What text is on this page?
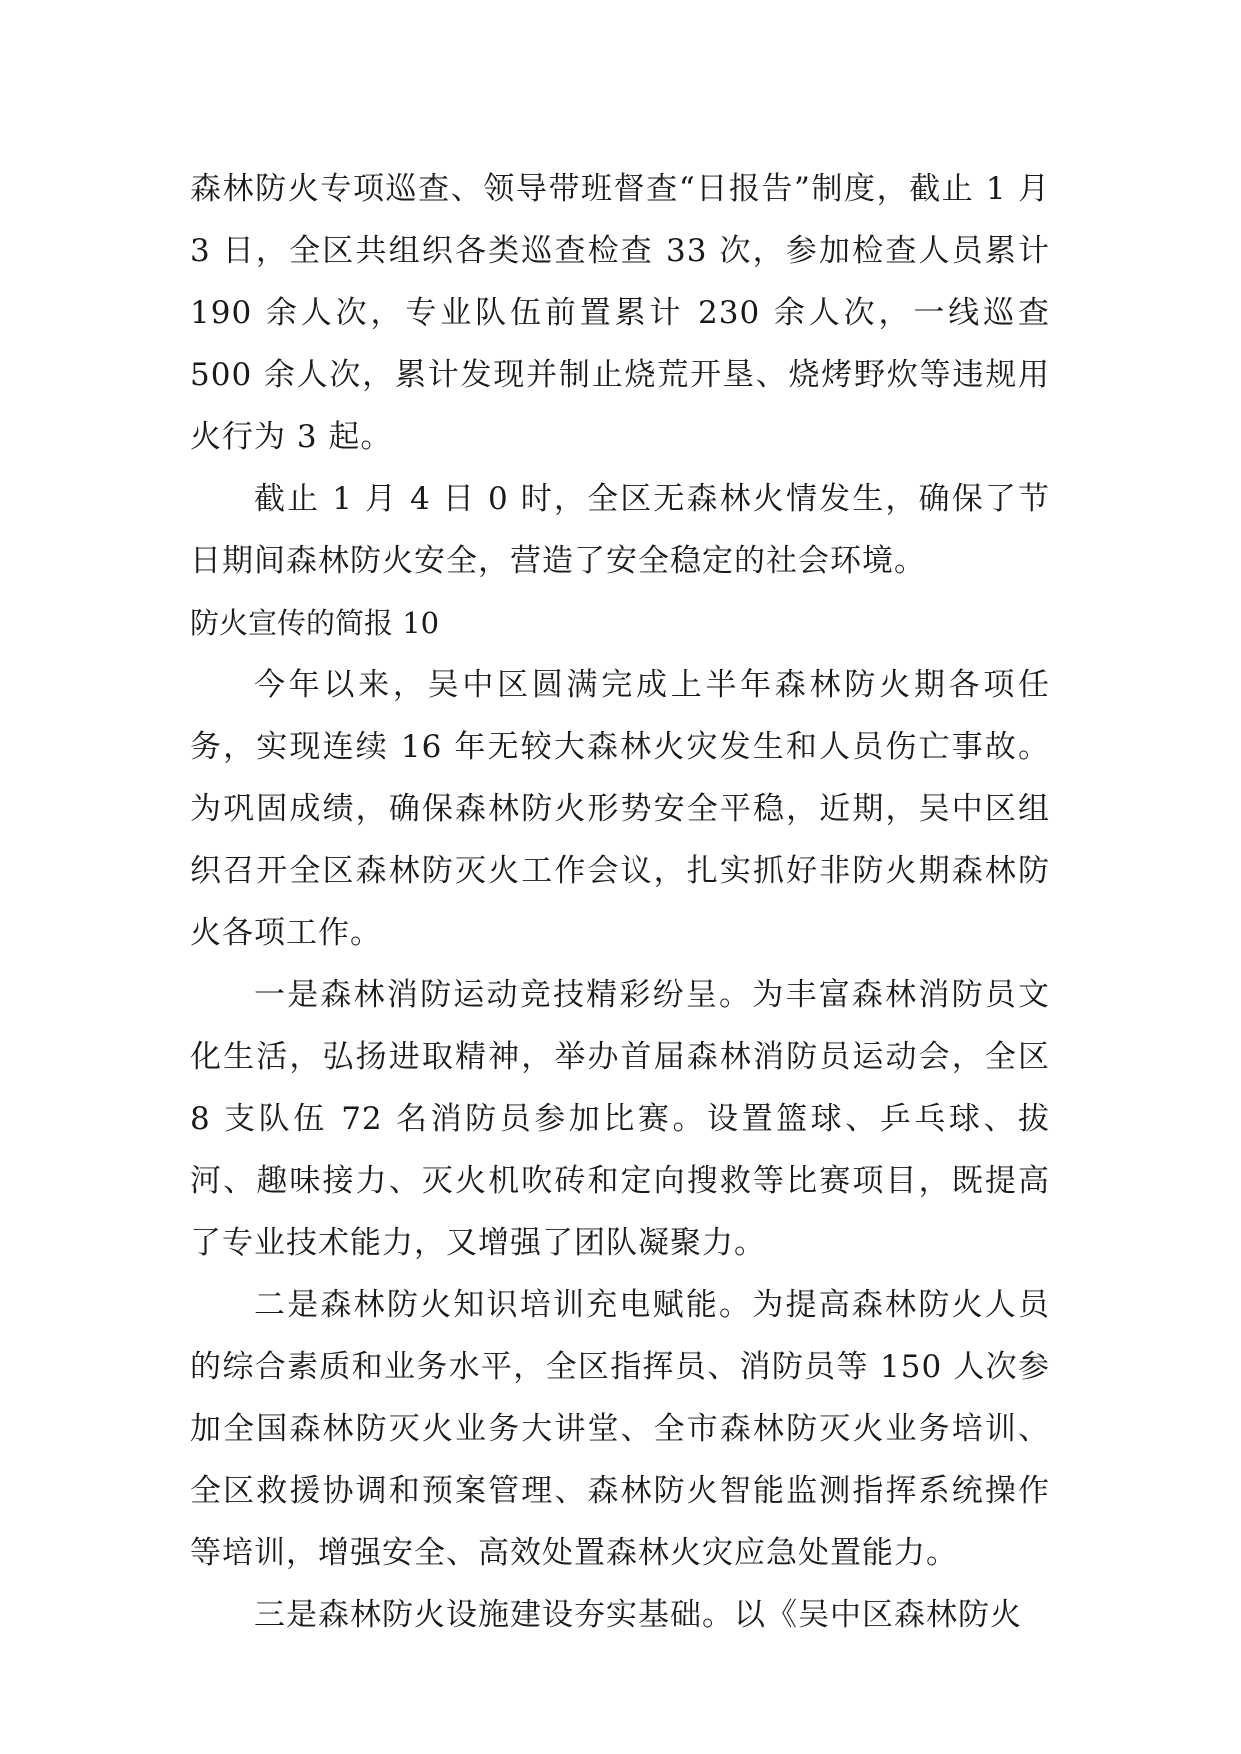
森林防火专项巡查、领导带班督查“日报告”制度，截止 1 月 3 日，全区共组织各类巡查检查 33 次，参加检查人员累计 190 余人次，专业队伍前置累计 230 余人次，一线巡查 500 余人次，累计发现并制止烧荒开垦、烧烤野炊等违规用火行为 3 起。

截止 1 月 4 日 0 时，全区无森林火情发生，确保了节日期间森林防火安全，营造了安全稳定的社会环境。

防火宣传的简报 10

今年以来，吴中区圆满完成上半年森林防火期各项任务，实现连续 16 年无较大森林火灾发生和人员伤亡事故。为巩固成绩，确保森林防火形势安全平稳，近期，吴中区组织召开全区森林防灭火工作会议，扎实抓好非防火期森林防火各项工作。

一是森林消防运动竞技精彩纷呈。为丰富森林消防员文化生活，弘扬进取精神，举办首届森林消防员运动会，全区 8 支队伍 72 名消防员参加比赛。设置篮球、乒乓球、拔河、趣味接力、灭火机吹砖和定向搜救等比赛项目，既提高了专业技术能力，又增强了团队凝聚力。

二是森林防火知识培训充电赋能。为提高森林防火人员的综合素质和业务水平，全区指挥员、消防员等 150 人次参加全国森林防灭火业务大讲堂、全市森林防灭火业务培训、全区救援协调和预案管理、森林防火智能监测指挥系统操作等培训，增强安全、高效处置森林火灾应急处置能力。

三是森林防火设施建设夯实基础。以《吴中区森林防火
